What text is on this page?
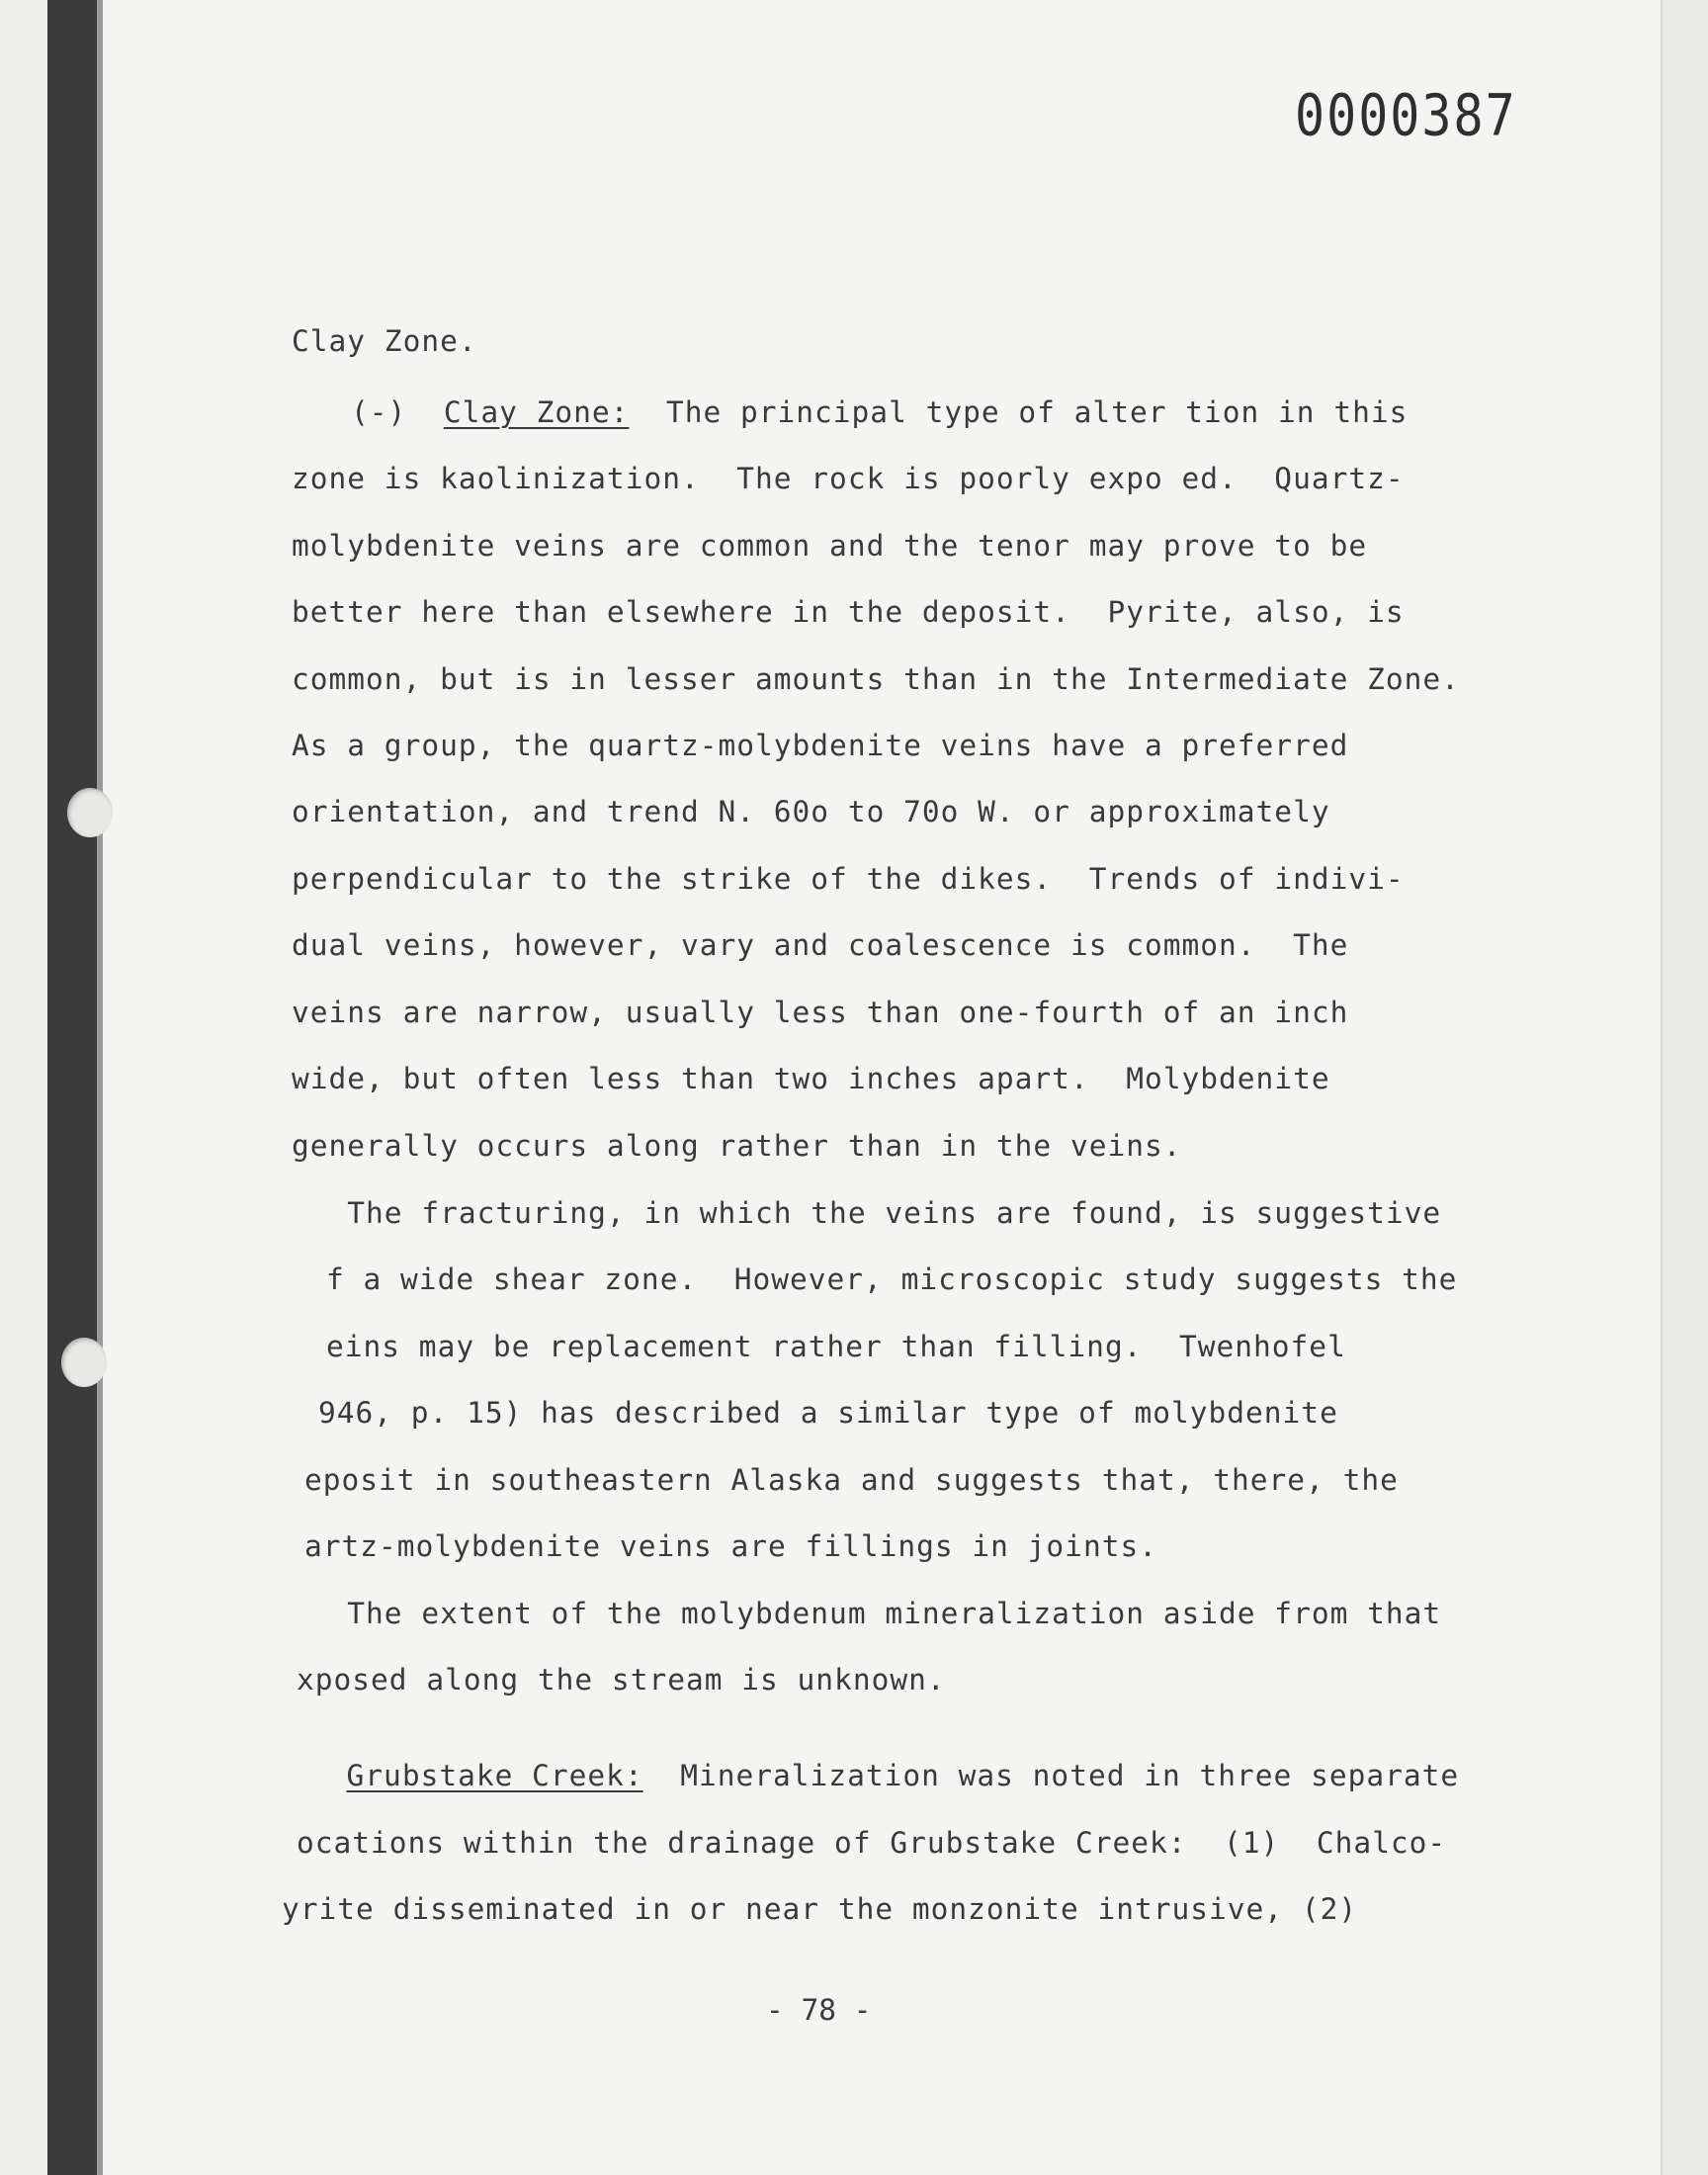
0000387
Clay Zone.
(-)  Clay Zone:  The principal type of alter tion in this
zone is kaolinization.  The rock is poorly expo ed.  Quartz-
molybdenite veins are common and the tenor may prove to be
better here than elsewhere in the deposit.  Pyrite, also, is
common, but is in lesser amounts than in the Intermediate Zone.
As a group, the quartz-molybdenite veins have a preferred
orientation, and trend N. 60o to 70o W. or approximately
perpendicular to the strike of the dikes.  Trends of indivi-
dual veins, however, vary and coalescence is common.  The
veins are narrow, usually less than one-fourth of an inch
wide, but often less than two inches apart.  Molybdenite
generally occurs along rather than in the veins.
The fracturing, in which the veins are found, is suggestive
f a wide shear zone.  However, microscopic study suggests the
eins may be replacement rather than filling.  Twenhofel
946, p. 15) has described a similar type of molybdenite
eposit in southeastern Alaska and suggests that, there, the
artz-molybdenite veins are fillings in joints.
The extent of the molybdenum mineralization aside from that
xposed along the stream is unknown.
Grubstake Creek:  Mineralization was noted in three separate
ocations within the drainage of Grubstake Creek:  (1)  Chalco-
yrite disseminated in or near the monzonite intrusive, (2)
- 78 -
